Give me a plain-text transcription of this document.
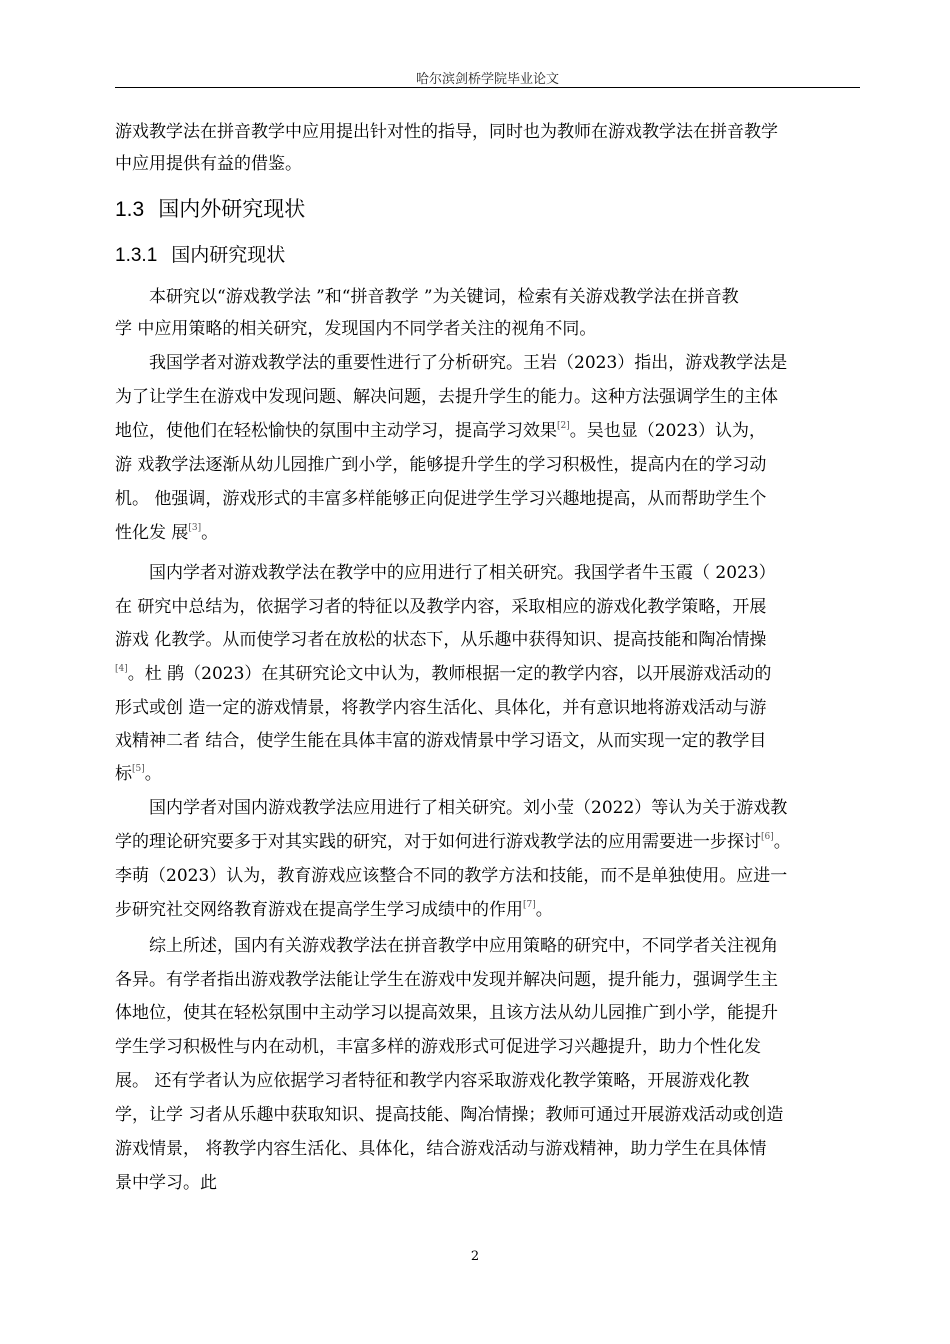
哈尔滨剑桥学院毕业论文
游戏教学法在拼音教学中应用提出针对性的指导，同时也为教师在游戏教学法在拼音教学
中应用提供有益的借鉴。
1.3 国内外研究现状
1.3.1 国内研究现状
本研究以“游戏教学法 ”和“拼音教学 ”为关键词，检索有关游戏教学法在拼音教
学 中应用策略的相关研究，发现国内不同学者关注的视角不同。
我国学者对游戏教学法的重要性进行了分析研究。王岩（2023）指出，游戏教学法是
为了让学生在游戏中发现问题、解决问题，去提升学生的能力。这种方法强调学生的主体
地位，使他们在轻松愉快的氛围中主动学习，提高学习效果[2]。吴也显（2023）认为，
游 戏教学法逐渐从幼儿园推广到小学，能够提升学生的学习积极性，提高内在的学习动
机。 他强调，游戏形式的丰富多样能够正向促进学生学习兴趣地提高，从而帮助学生个
性化发 展[3]。
国内学者对游戏教学法在教学中的应用进行了相关研究。我国学者牛玉霞（ 2023）
在 研究中总结为，依据学习者的特征以及教学内容，采取相应的游戏化教学策略，开展
游戏 化教学。从而使学习者在放松的状态下，从乐趣中获得知识、提高技能和陶冶情操
[4]。杜 鹃（2023）在其研究论文中认为，教师根据一定的教学内容，以开展游戏活动的
形式或创 造一定的游戏情景，将教学内容生活化、具体化，并有意识地将游戏活动与游
戏精神二者 结合，使学生能在具体丰富的游戏情景中学习语文，从而实现一定的教学目
标[5]。
国内学者对国内游戏教学法应用进行了相关研究。刘小莹（2022）等认为关于游戏教
学的理论研究要多于对其实践的研究，对于如何进行游戏教学法的应用需要进一步探讨[6]。
李萌（2023）认为，教育游戏应该整合不同的教学方法和技能，而不是单独使用。应进一
步研究社交网络教育游戏在提高学生学习成绩中的作用[7]。
综上所述，国内有关游戏教学法在拼音教学中应用策略的研究中，不同学者关注视角
各异。有学者指出游戏教学法能让学生在游戏中发现并解决问题，提升能力，强调学生主
体地位，使其在轻松氛围中主动学习以提高效果，且该方法从幼儿园推广到小学，能提升
学生学习积极性与内在动机，丰富多样的游戏形式可促进学习兴趣提升，助力个性化发
展。 还有学者认为应依据学习者特征和教学内容采取游戏化教学策略，开展游戏化教
学，让学 习者从乐趣中获取知识、提高技能、陶冶情操；教师可通过开展游戏活动或创造
游戏情景， 将教学内容生活化、具体化，结合游戏活动与游戏精神，助力学生在具体情
景中学习。此
2
